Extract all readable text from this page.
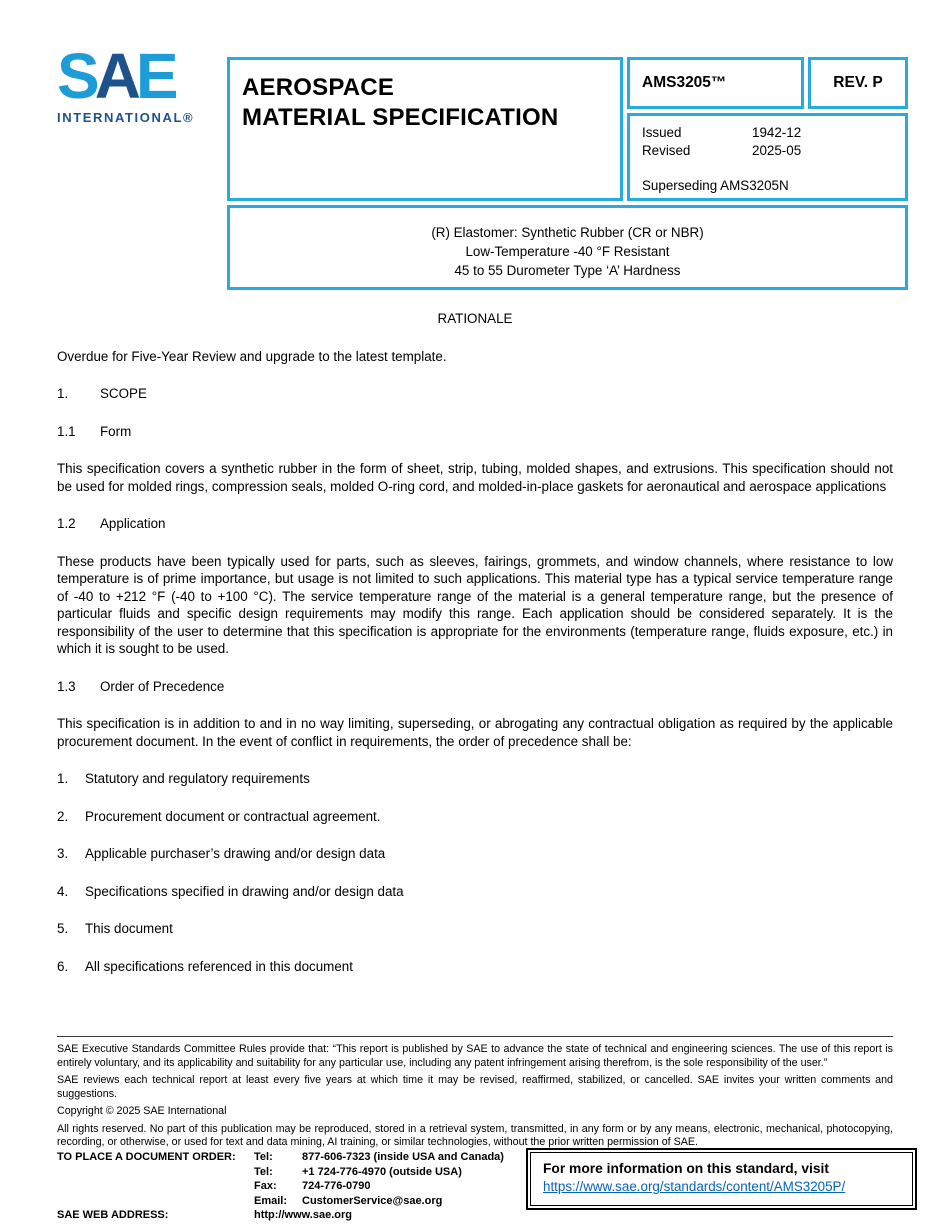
SAE
INTERNATIONAL®
AEROSPACE
MATERIAL SPECIFICATION
AMS3205™	REV. P
Issued	1942-12
Revised	2025-05
Superseding AMS3205N
(R) Elastomer: Synthetic Rubber (CR or NBR)
Low-Temperature -40 °F Resistant
45 to 55 Durometer Type ‘A’ Hardness

RATIONALE

Overdue for Five-Year Review and upgrade to the latest template.

1. SCOPE
1.1 Form

This specification covers a synthetic rubber in the form of sheet, strip, tubing, molded shapes, and extrusions. This specification should not be used for molded rings, compression seals, molded O-ring cord, and molded-in-place gaskets for aeronautical and aerospace applications

1.2 Application

These products have been typically used for parts, such as sleeves, fairings, grommets, and window channels, where resistance to low temperature is of prime importance, but usage is not limited to such applications. This material type has a typical service temperature range of -40 to +212 °F (-40 to +100 °C). The service temperature range of the material is a general temperature range, but the presence of particular fluids and specific design requirements may modify this range. Each application should be considered separately. It is the responsibility of the user to determine that this specification is appropriate for the environments (temperature range, fluids exposure, etc.) in which it is sought to be used.

1.3 Order of Precedence

This specification is in addition to and in no way limiting, superseding, or abrogating any contractual obligation as required by the applicable procurement document. In the event of conflict in requirements, the order of precedence shall be:

1.	Statutory and regulatory requirements
2.	Procurement document or contractual agreement.
3.	Applicable purchaser’s drawing and/or design data
4.	Specifications specified in drawing and/or design data
5.	This document
6.	All specifications referenced in this document

SAE Executive Standards Committee Rules provide that: “This report is published by SAE to advance the state of technical and engineering sciences. The use of this report is entirely voluntary, and its applicability and suitability for any particular use, including any patent infringement arising therefrom, is the sole responsibility of the user.”

SAE reviews each technical report at least every five years at which time it may be revised, reaffirmed, stabilized, or cancelled. SAE invites your written comments and suggestions.

Copyright © 2025 SAE International

All rights reserved. No part of this publication may be reproduced, stored in a retrieval system, transmitted, in any form or by any means, electronic, mechanical, photocopying, recording, or otherwise, or used for text and data mining, AI training, or similar technologies, without the prior written permission of SAE.

TO PLACE A DOCUMENT ORDER:	Tel:	877-606-7323 (inside USA and Canada)
Tel:	+1 724-776-4970 (outside USA)
Fax:	724-776-0790
Email:	CustomerService@sae.org
SAE WEB ADDRESS:	http://www.sae.org
For more information on this standard, visit
https://www.sae.org/standards/content/AMS3205P/
